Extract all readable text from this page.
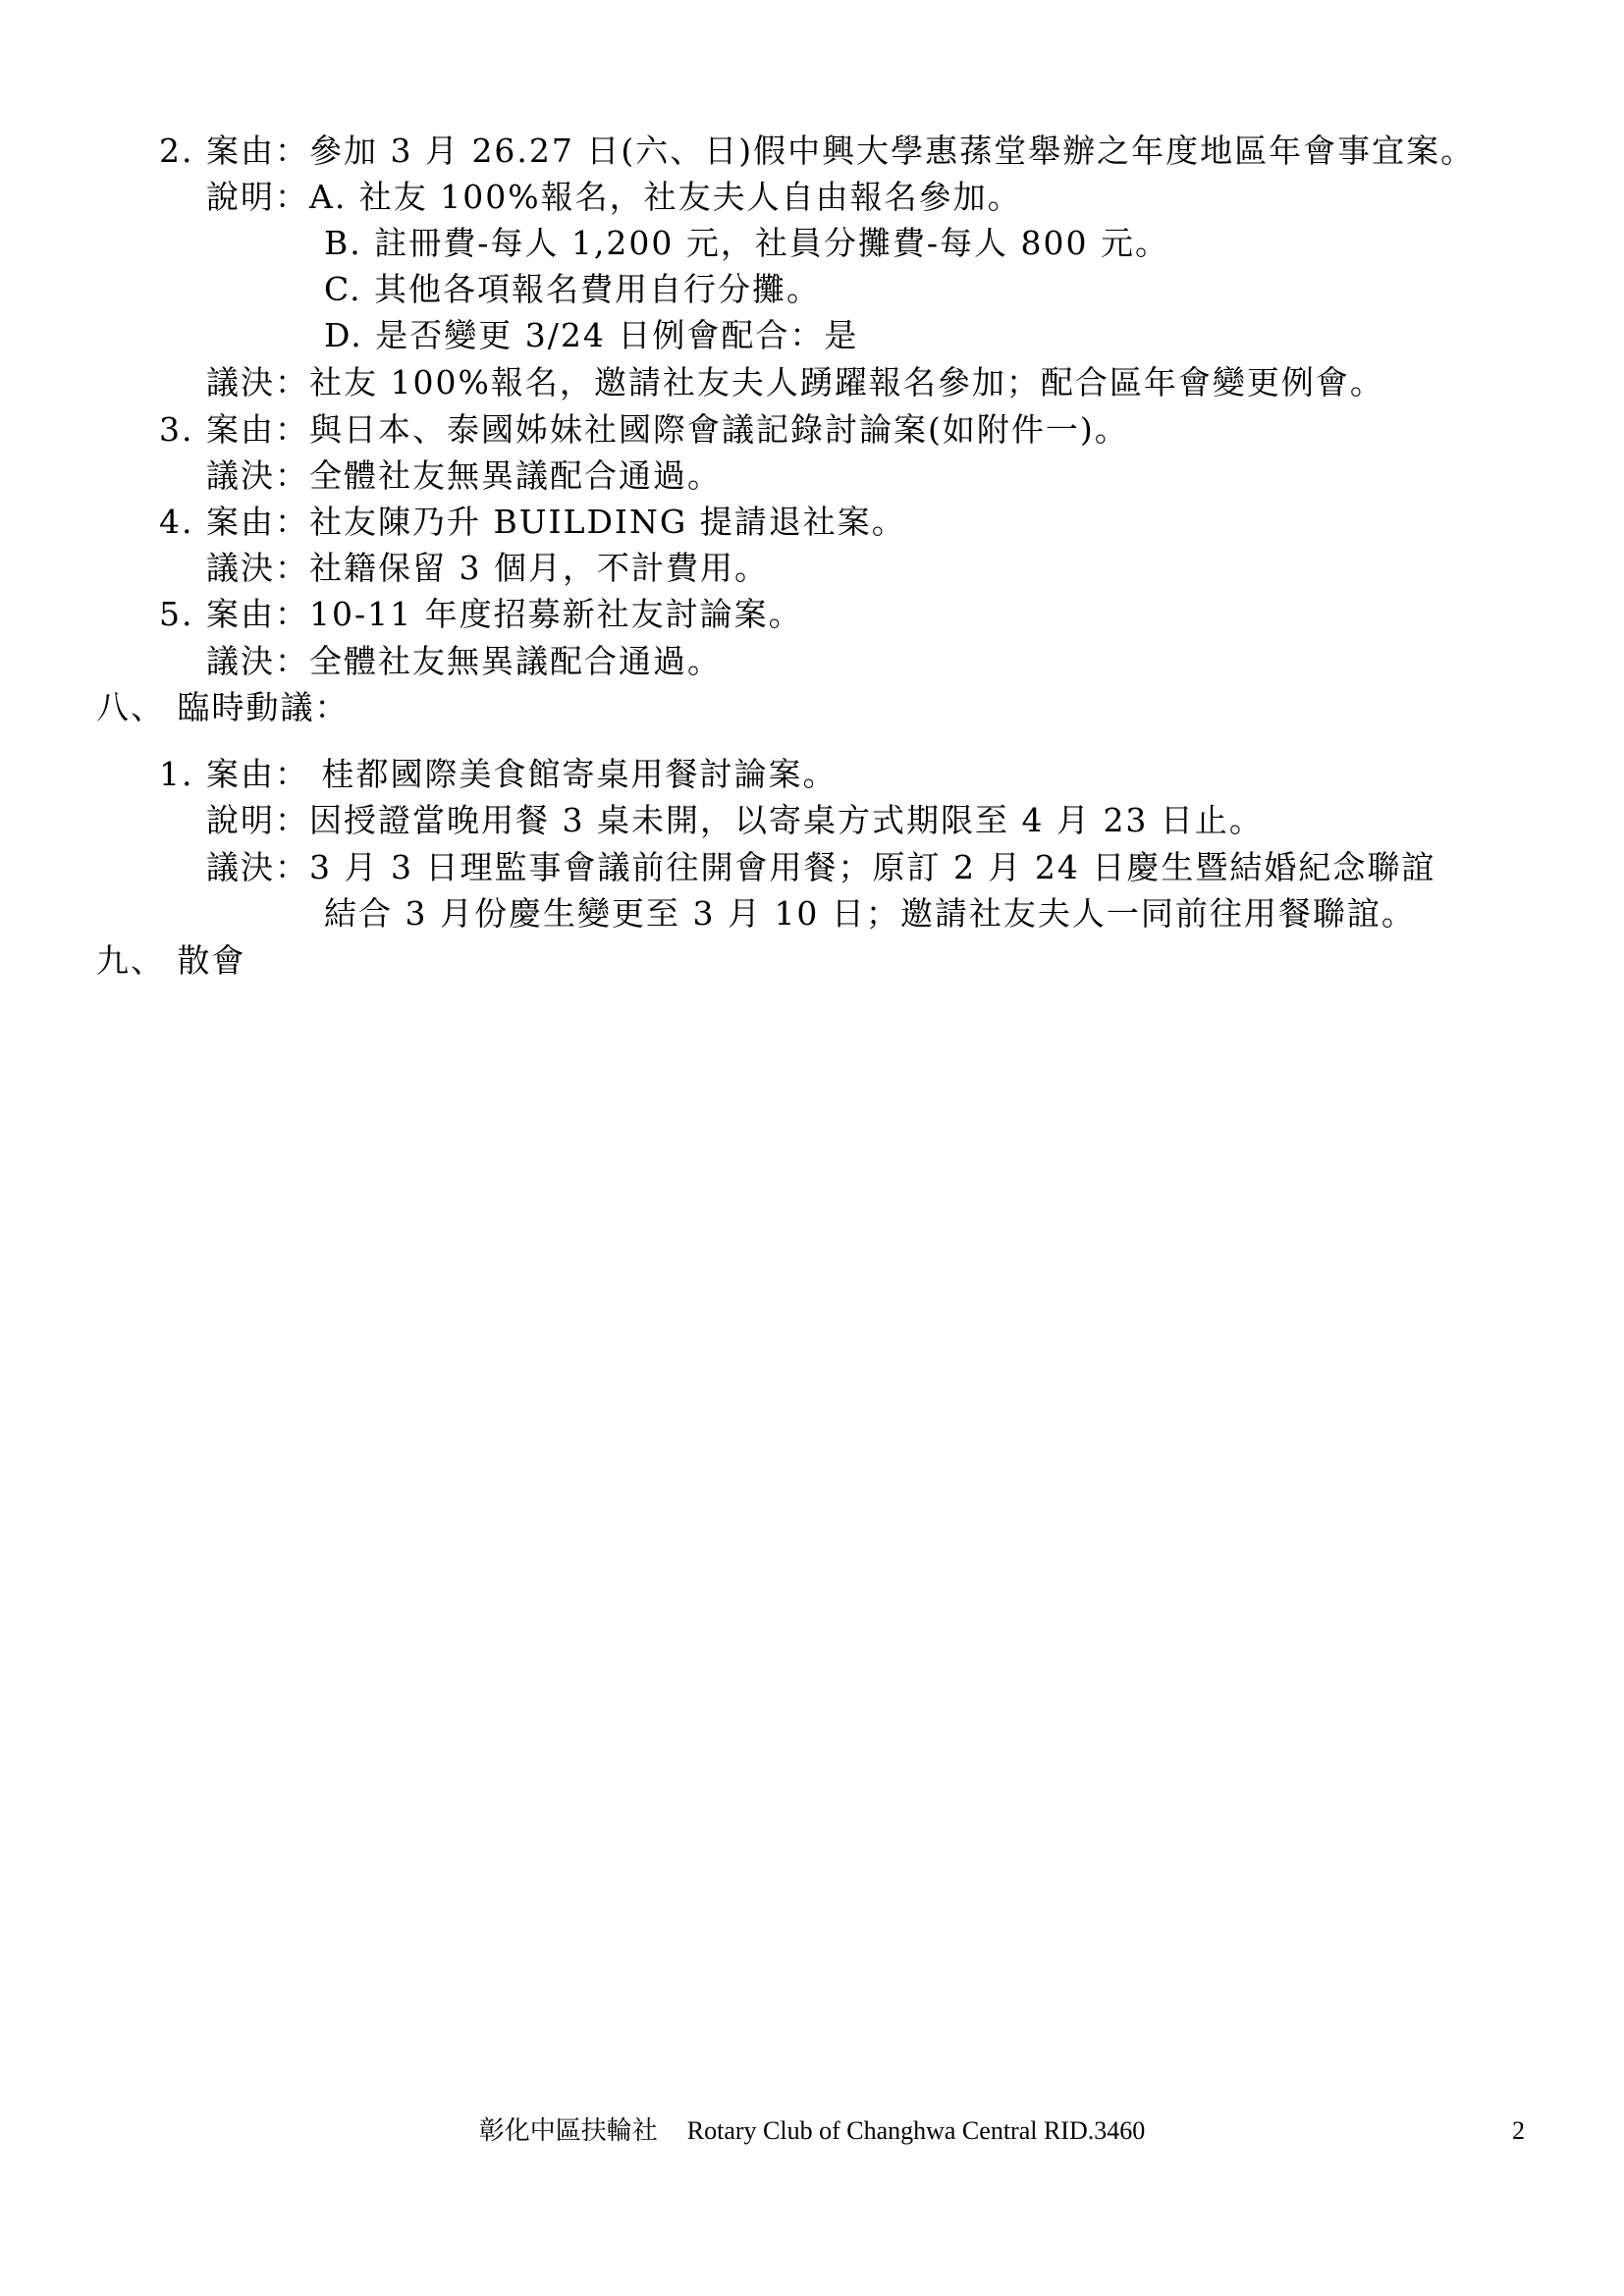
2. 案由：參加 3 月 26.27 日(六、日)假中興大學惠蓀堂舉辦之年度地區年會事宜案。
說明：A. 社友 100%報名，社友夫人自由報名參加。
B. 註冊費-每人 1,200 元，社員分攤費-每人 800 元。
C. 其他各項報名費用自行分攤。
D. 是否變更 3/24 日例會配合：是
議決：社友 100%報名，邀請社友夫人踴躍報名參加；配合區年會變更例會。
3. 案由：與日本、泰國姊妹社國際會議記錄討論案(如附件一)。
議決：全體社友無異議配合通過。
4. 案由：社友陳乃升 BUILDING 提請退社案。
議決：社籍保留 3 個月，不計費用。
5. 案由：10-11 年度招募新社友討論案。
議決：全體社友無異議配合通過。
八、 臨時動議：
1. 案由： 桂都國際美食館寄桌用餐討論案。
說明：因授證當晚用餐 3 桌未開，以寄桌方式期限至 4 月 23 日止。
議決：3 月 3 日理監事會議前往開會用餐；原訂 2 月 24 日慶生暨結婚紀念聯誼
結合 3 月份慶生變更至 3 月 10 日；邀請社友夫人一同前往用餐聯誼。
九、 散會
彰化中區扶輪社 Rotary Club of Changhwa Central RID.3460	2
